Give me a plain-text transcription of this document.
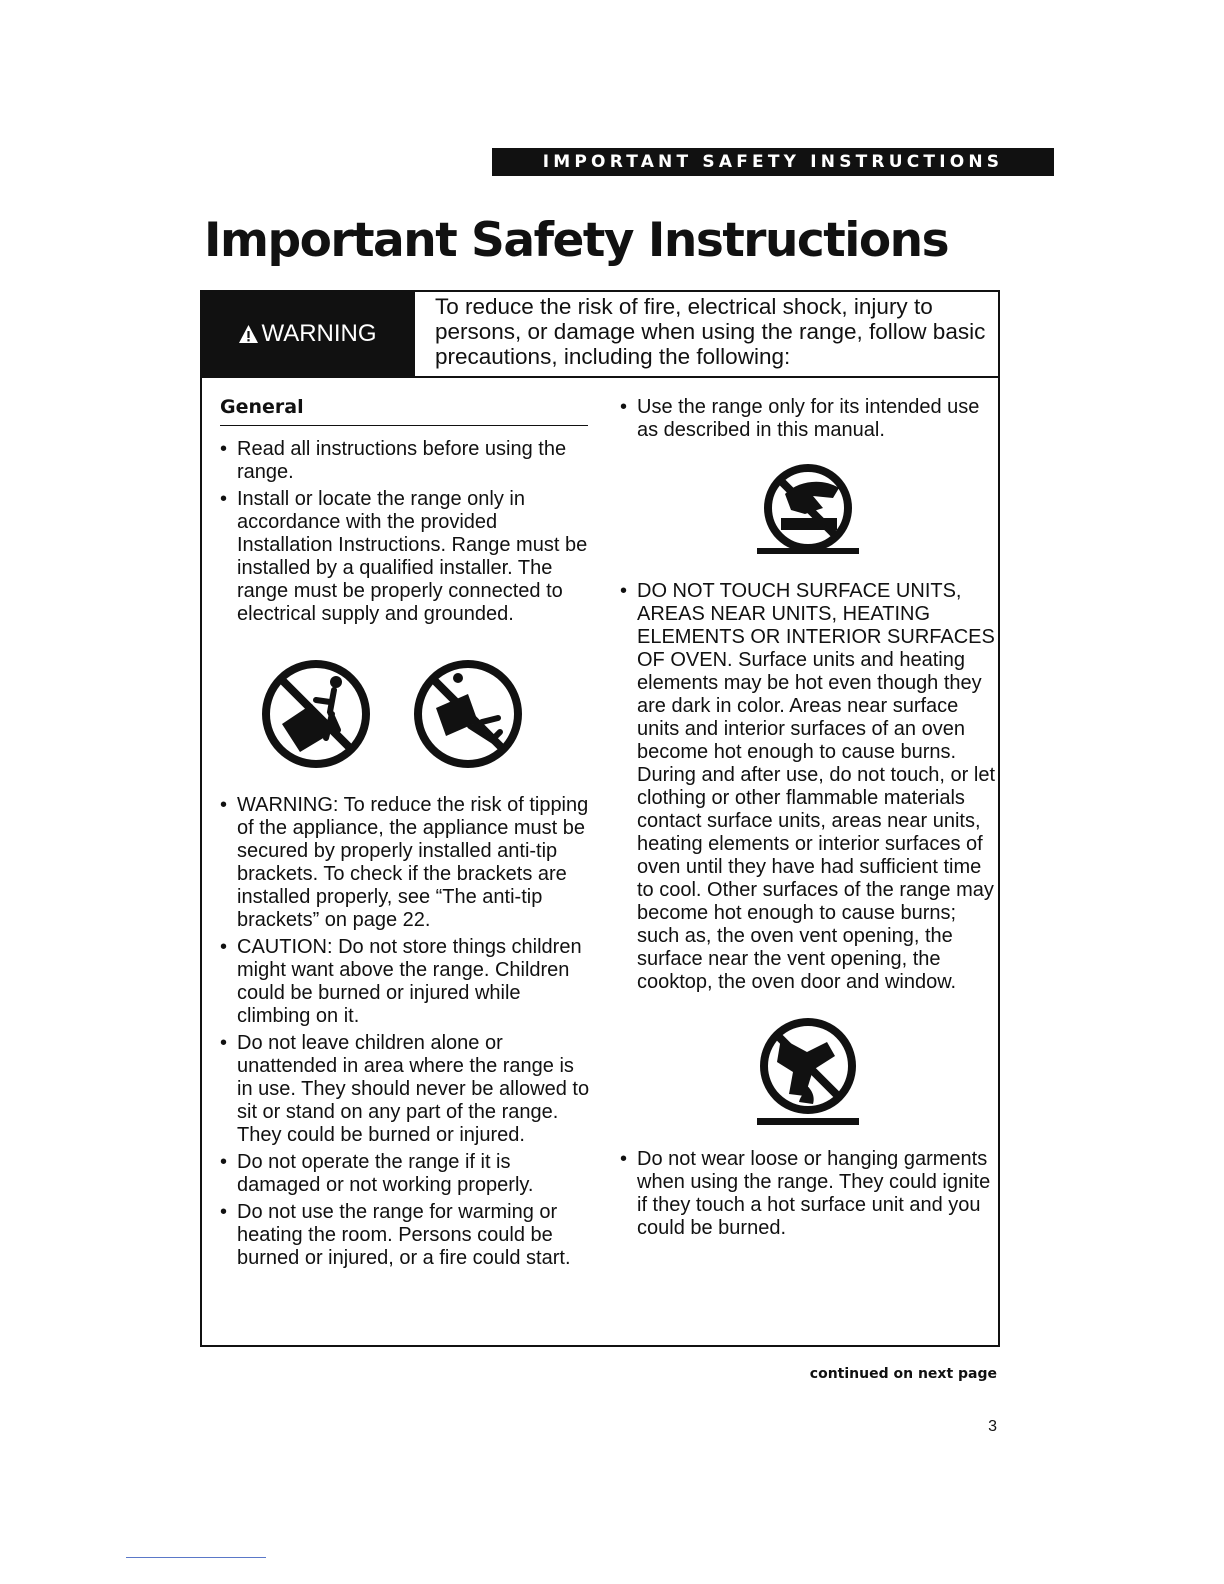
IMPORTANT SAFETY INSTRUCTIONS
Important Safety Instructions
WARNING

To reduce the risk of fire, electrical shock, injury to persons, or damage when using the range, follow basic precautions, including the following:

General
• Read all instructions before using the range.
• Install or locate the range only in accordance with the provided Installation Instructions. Range must be installed by a qualified installer. The range must be properly connected to electrical supply and grounded.
• WARNING: To reduce the risk of tipping of the appliance, the appliance must be secured by properly installed anti-tip brackets. To check if the brackets are installed properly, see “The anti-tip brackets” on page 22.
• CAUTION: Do not store things children might want above the range. Children could be burned or injured while climbing on it.
• Do not leave children alone or unattended in area where the range is in use. They should never be allowed to sit or stand on any part of the range. They could be burned or injured.
• Do not operate the range if it is damaged or not working properly.
• Do not use the range for warming or heating the room. Persons could be burned or injured, or a fire could start.
• Use the range only for its intended use as described in this manual.
• DO NOT TOUCH SURFACE UNITS, AREAS NEAR UNITS, HEATING ELEMENTS OR INTERIOR SURFACES OF OVEN. Surface units and heating elements may be hot even though they are dark in color. Areas near surface units and interior surfaces of an oven become hot enough to cause burns. During and after use, do not touch, or let clothing or other flammable materials contact surface units, areas near units, heating elements or interior surfaces of oven until they have had sufficient time to cool. Other surfaces of the range may become hot enough to cause burns; such as, the oven vent opening, the surface near the vent opening, the cooktop, the oven door and window.
• Do not wear loose or hanging garments when using the range. They could ignite if they touch a hot surface unit and you could be burned.
continued on next page
3
